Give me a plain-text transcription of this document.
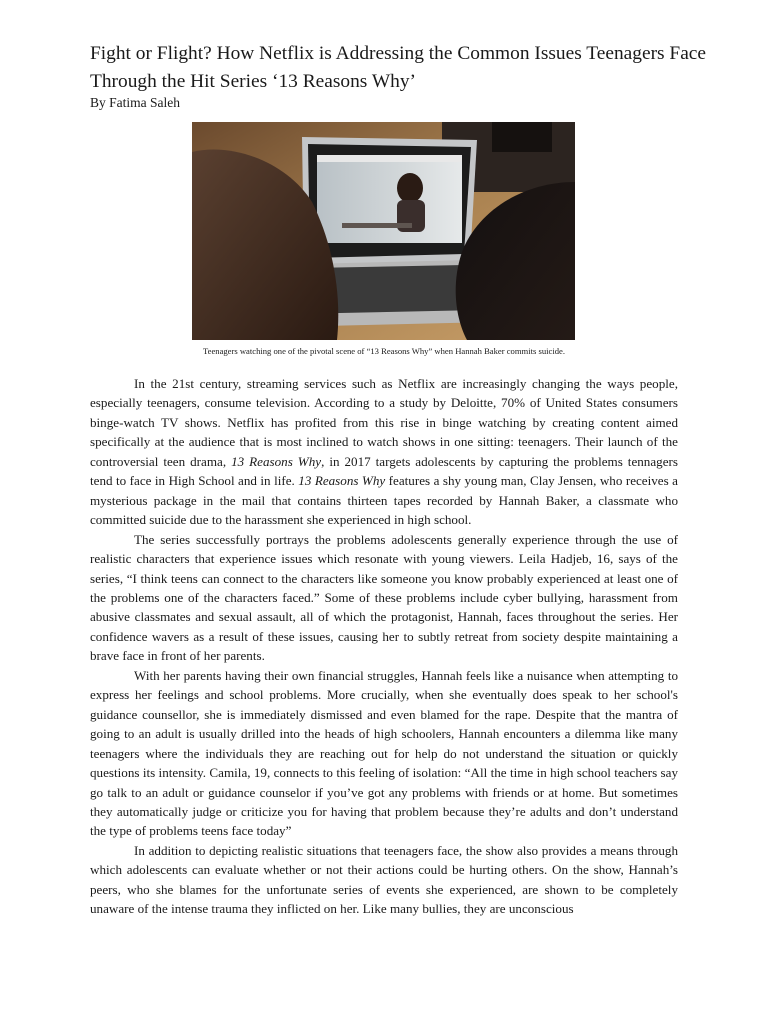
Fight or Flight? How Netflix is Addressing the Common Issues Teenagers Face Through the Hit Series ‘13 Reasons Why’

By Fatima Saleh

Teenagers watching one of the pivotal scene of “13 Reasons Why” when Hannah Baker commits suicide.

In the 21st century, streaming services such as Netflix are increasingly changing the ways people, especially teenagers, consume television. According to a study by Deloitte, 70% of United States consumers binge-watch TV shows. Netflix has profited from this rise in binge watching by creating content aimed specifically at the audience that is most inclined to watch shows in one sitting: teenagers. Their launch of the controversial teen drama, 13 Reasons Why, in 2017 targets adolescents by capturing the problems tennagers tend to face in High School and in life. 13 Reasons Why features a shy young man, Clay Jensen, who receives a mysterious package in the mail that contains thirteen tapes recorded by Hannah Baker, a classmate who committed suicide due to the harassment she experienced in high school.

The series successfully portrays the problems adolescents generally experience through the use of realistic characters that experience issues which resonate with young viewers. Leila Hadjeb, 16, says of the series, “I think teens can connect to the characters like someone you know probably experienced at least one of the problems one of the characters faced.” Some of these problems include cyber bullying, harassment from abusive classmates and sexual assault, all of which the protagonist, Hannah, faces throughout the series. Her confidence wavers as a result of these issues, causing her to subtly retreat from society despite maintaining a brave face in front of her parents.

With her parents having their own financial struggles, Hannah feels like a nuisance when attempting to express her feelings and school problems. More crucially, when she eventually does speak to her school's guidance counsellor, she is immediately dismissed and even blamed for the rape. Despite that the mantra of going to an adult is usually drilled into the heads of high schoolers, Hannah encounters a dilemma like many teenagers where the individuals they are reaching out for help do not understand the situation or quickly questions its intensity. Camila, 19, connects to this feeling of isolation: “All the time in high school teachers say go talk to an adult or guidance counselor if you’ve got any problems with friends or at home. But sometimes they automatically judge or criticize you for having that problem because they’re adults and don’t understand the type of problems teens face today”

In addition to depicting realistic situations that teenagers face, the show also provides a means through which adolescents can evaluate whether or not their actions could be hurting others. On the show, Hannah’s peers, who she blames for the unfortunate series of events she experienced, are shown to be completely unaware of the intense trauma they inflicted on her. Like many bullies, they are unconscious
